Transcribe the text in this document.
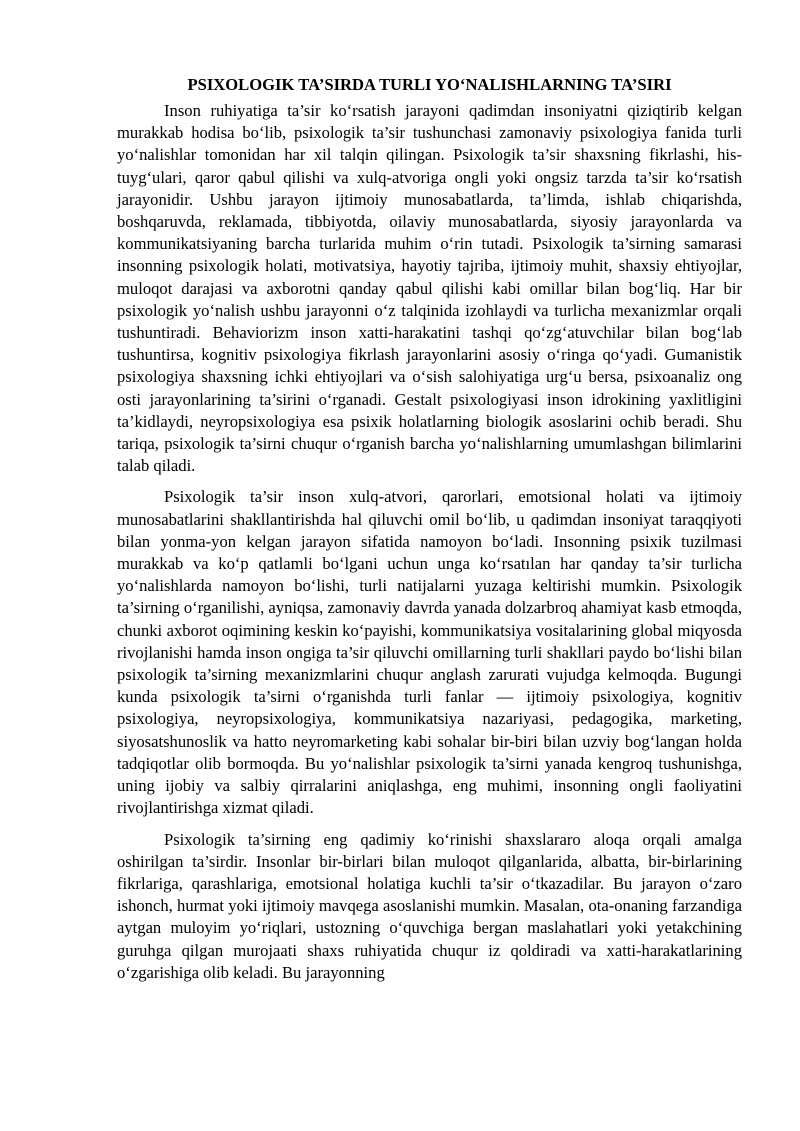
PSIXOLOGIK TA’SIRDA TURLI YO‘NALISHLARNING TA’SIRI

Inson ruhiyatiga ta’sir ko‘rsatish jarayoni qadimdan insoniyatni qiziqtirib kelgan murakkab hodisa bo‘lib, psixologik ta’sir tushunchasi zamonaviy psixologiya fanida turli yo‘nalishlar tomonidan har xil talqin qilingan. Psixologik ta’sir shaxsning fikrlashi, his-tuyg‘ulari, qaror qabul qilishi va xulq-atvoriga ongli yoki ongsiz tarzda ta’sir ko‘rsatish jarayonidir. Ushbu jarayon ijtimoiy munosabatlarda, ta’limda, ishlab chiqarishda, boshqaruvda, reklamada, tibbiyotda, oilaviy munosabatlarda, siyosiy jarayonlarda va kommunikatsiyaning barcha turlarida muhim o‘rin tutadi. Psixologik ta’sirning samarasi insonning psixologik holati, motivatsiya, hayotiy tajriba, ijtimoiy muhit, shaxsiy ehtiyojlar, muloqot darajasi va axborotni qanday qabul qilishi kabi omillar bilan bog‘liq. Har bir psixologik yo‘nalish ushbu jarayonni o‘z talqinida izohlaydi va turlicha mexanizmlar orqali tushuntiradi. Behaviorizm inson xatti-harakatini tashqi qo‘zg‘atuvchilar bilan bog‘lab tushuntirsa, kognitiv psixologiya fikrlash jarayonlarini asosiy o‘ringa qo‘yadi. Gumanistik psixologiya shaxsning ichki ehtiyojlari va o‘sish salohiyatiga urg‘u bersa, psixoanaliz ong osti jarayonlarining ta’sirini o‘rganadi. Gestalt psixologiyasi inson idrokining yaxlitligini ta’kidlaydi, neyropsixologiya esa psixik holatlarning biologik asoslarini ochib beradi. Shu tariqa, psixologik ta’sirni chuqur o‘rganish barcha yo‘nalishlarning umumlashgan bilimlarini talab qiladi.

Psixologik ta’sir inson xulq-atvori, qarorlari, emotsional holati va ijtimoiy munosabatlarini shakllantirishda hal qiluvchi omil bo‘lib, u qadimdan insoniyat taraqqiyoti bilan yonma-yon kelgan jarayon sifatida namoyon bo‘ladi. Insonning psixik tuzilmasi murakkab va ko‘p qatlamli bo‘lgani uchun unga ko‘rsatılan har qanday ta’sir turlicha yo‘nalishlarda namoyon bo‘lishi, turli natijalarni yuzaga keltirishi mumkin. Psixologik ta’sirning o‘rganilishi, ayniqsa, zamonaviy davrda yanada dolzarbroq ahamiyat kasb etmoqda, chunki axborot oqimining keskin ko‘payishi, kommunikatsiya vositalarining global miqyosda rivojlanishi hamda inson ongiga ta’sir qiluvchi omillarning turli shakllari paydo bo‘lishi bilan psixologik ta’sirning mexanizmlarini chuqur anglash zarurati vujudga kelmoqda. Bugungi kunda psixologik ta’sirni o‘rganishda turli fanlar — ijtimoiy psixologiya, kognitiv psixologiya, neyropsixologiya, kommunikatsiya nazariyasi, pedagogika, marketing, siyosatshunoslik va hatto neyromarketing kabi sohalar bir-biri bilan uzviy bog‘langan holda tadqiqotlar olib bormoqda. Bu yo‘nalishlar psixologik ta’sirni yanada kengroq tushunishga, uning ijobiy va salbiy qirralarini aniqlashga, eng muhimi, insonning ongli faoliyatini rivojlantirishga xizmat qiladi.

Psixologik ta’sirning eng qadimiy ko‘rinishi shaxslararo aloqa orqali amalga oshirilgan ta’sirdir. Insonlar bir-birlari bilan muloqot qilganlarida, albatta, bir-birlarining fikrlariga, qarashlariga, emotsional holatiga kuchli ta’sir o‘tkazadilar. Bu jarayon o‘zaro ishonch, hurmat yoki ijtimoiy mavqega asoslanishi mumkin. Masalan, ota-onaning farzandiga aytgan muloyim yo‘riqlari, ustozning o‘quvchiga bergan maslahatlari yoki yetakchining guruhga qilgan murojaati shaxs ruhiyatida chuqur iz qoldiradi va xatti-harakatlarining o‘zgarishiga olib keladi. Bu jarayonning
